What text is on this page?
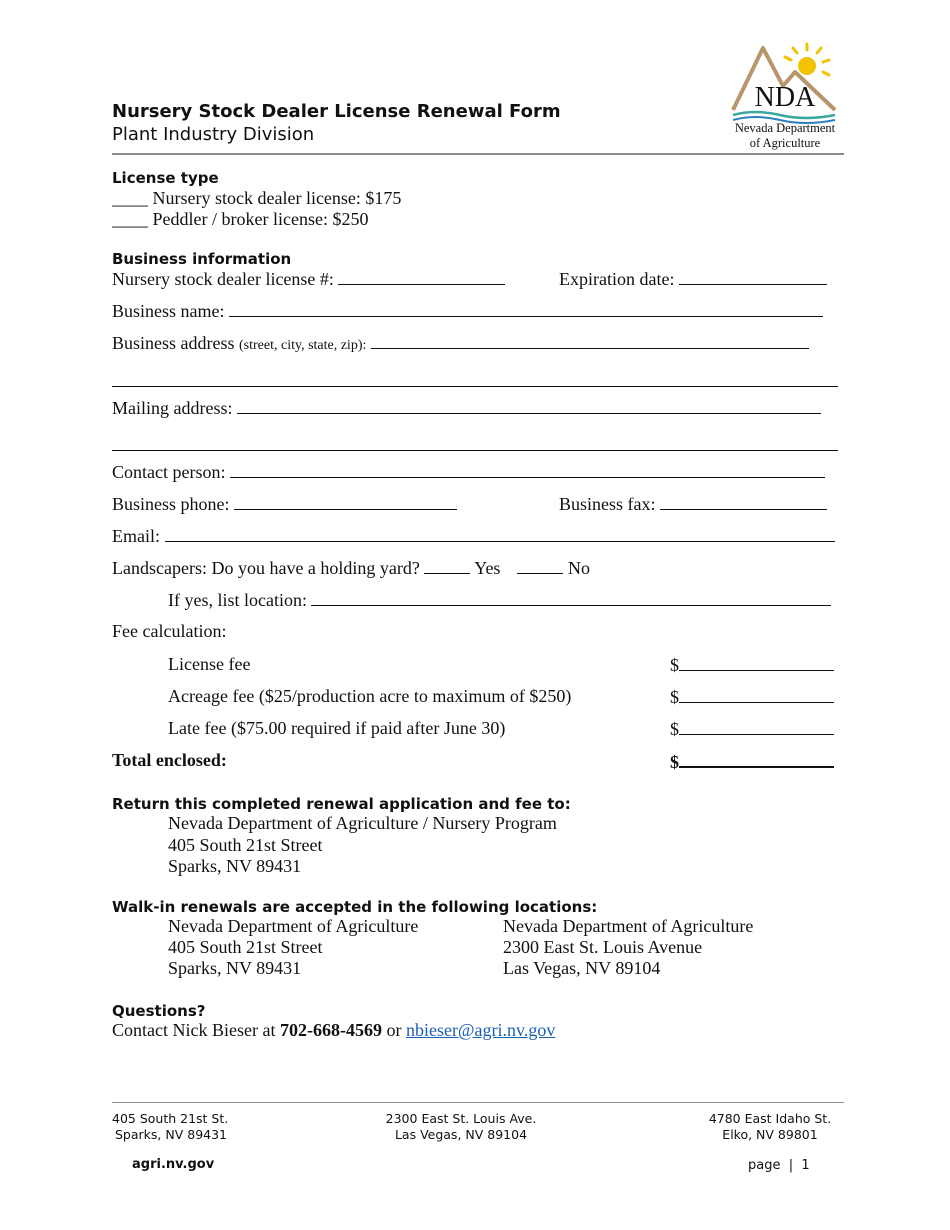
Nursery Stock Dealer License Renewal Form
Plant Industry Division
NDA
Nevada Department
of Agriculture
License type
____ Nursery stock dealer license: $175
____ Peddler / broker license: $250
Business information
Nursery stock dealer license #:	Expiration date:
Business name:
Business address (street, city, state, zip):
Mailing address:
Contact person:
Business phone:	Business fax:
Email:
Landscapers: Do you have a holding yard?	Yes	No
If yes, list location:
Fee calculation:
License fee	$
Acreage fee ($25/production acre to maximum of $250)	$
Late fee ($75.00 required if paid after June 30)	$
Total enclosed:	$
Return this completed renewal application and fee to:
Nevada Department of Agriculture / Nursery Program
405 South 21st Street
Sparks, NV 89431
Walk-in renewals are accepted in the following locations:
Nevada Department of Agriculture
405 South 21st Street
Sparks, NV 89431
Nevada Department of Agriculture
2300 East St. Louis Avenue
Las Vegas, NV 89104
Questions?
Contact Nick Bieser at 702-668-4569 or nbieser@agri.nv.gov
405 South 21st St.
Sparks, NV 89431
2300 East St. Louis Ave.
Las Vegas, NV 89104
4780 East Idaho St.
Elko, NV 89801
agri.nv.gov	page | 1
